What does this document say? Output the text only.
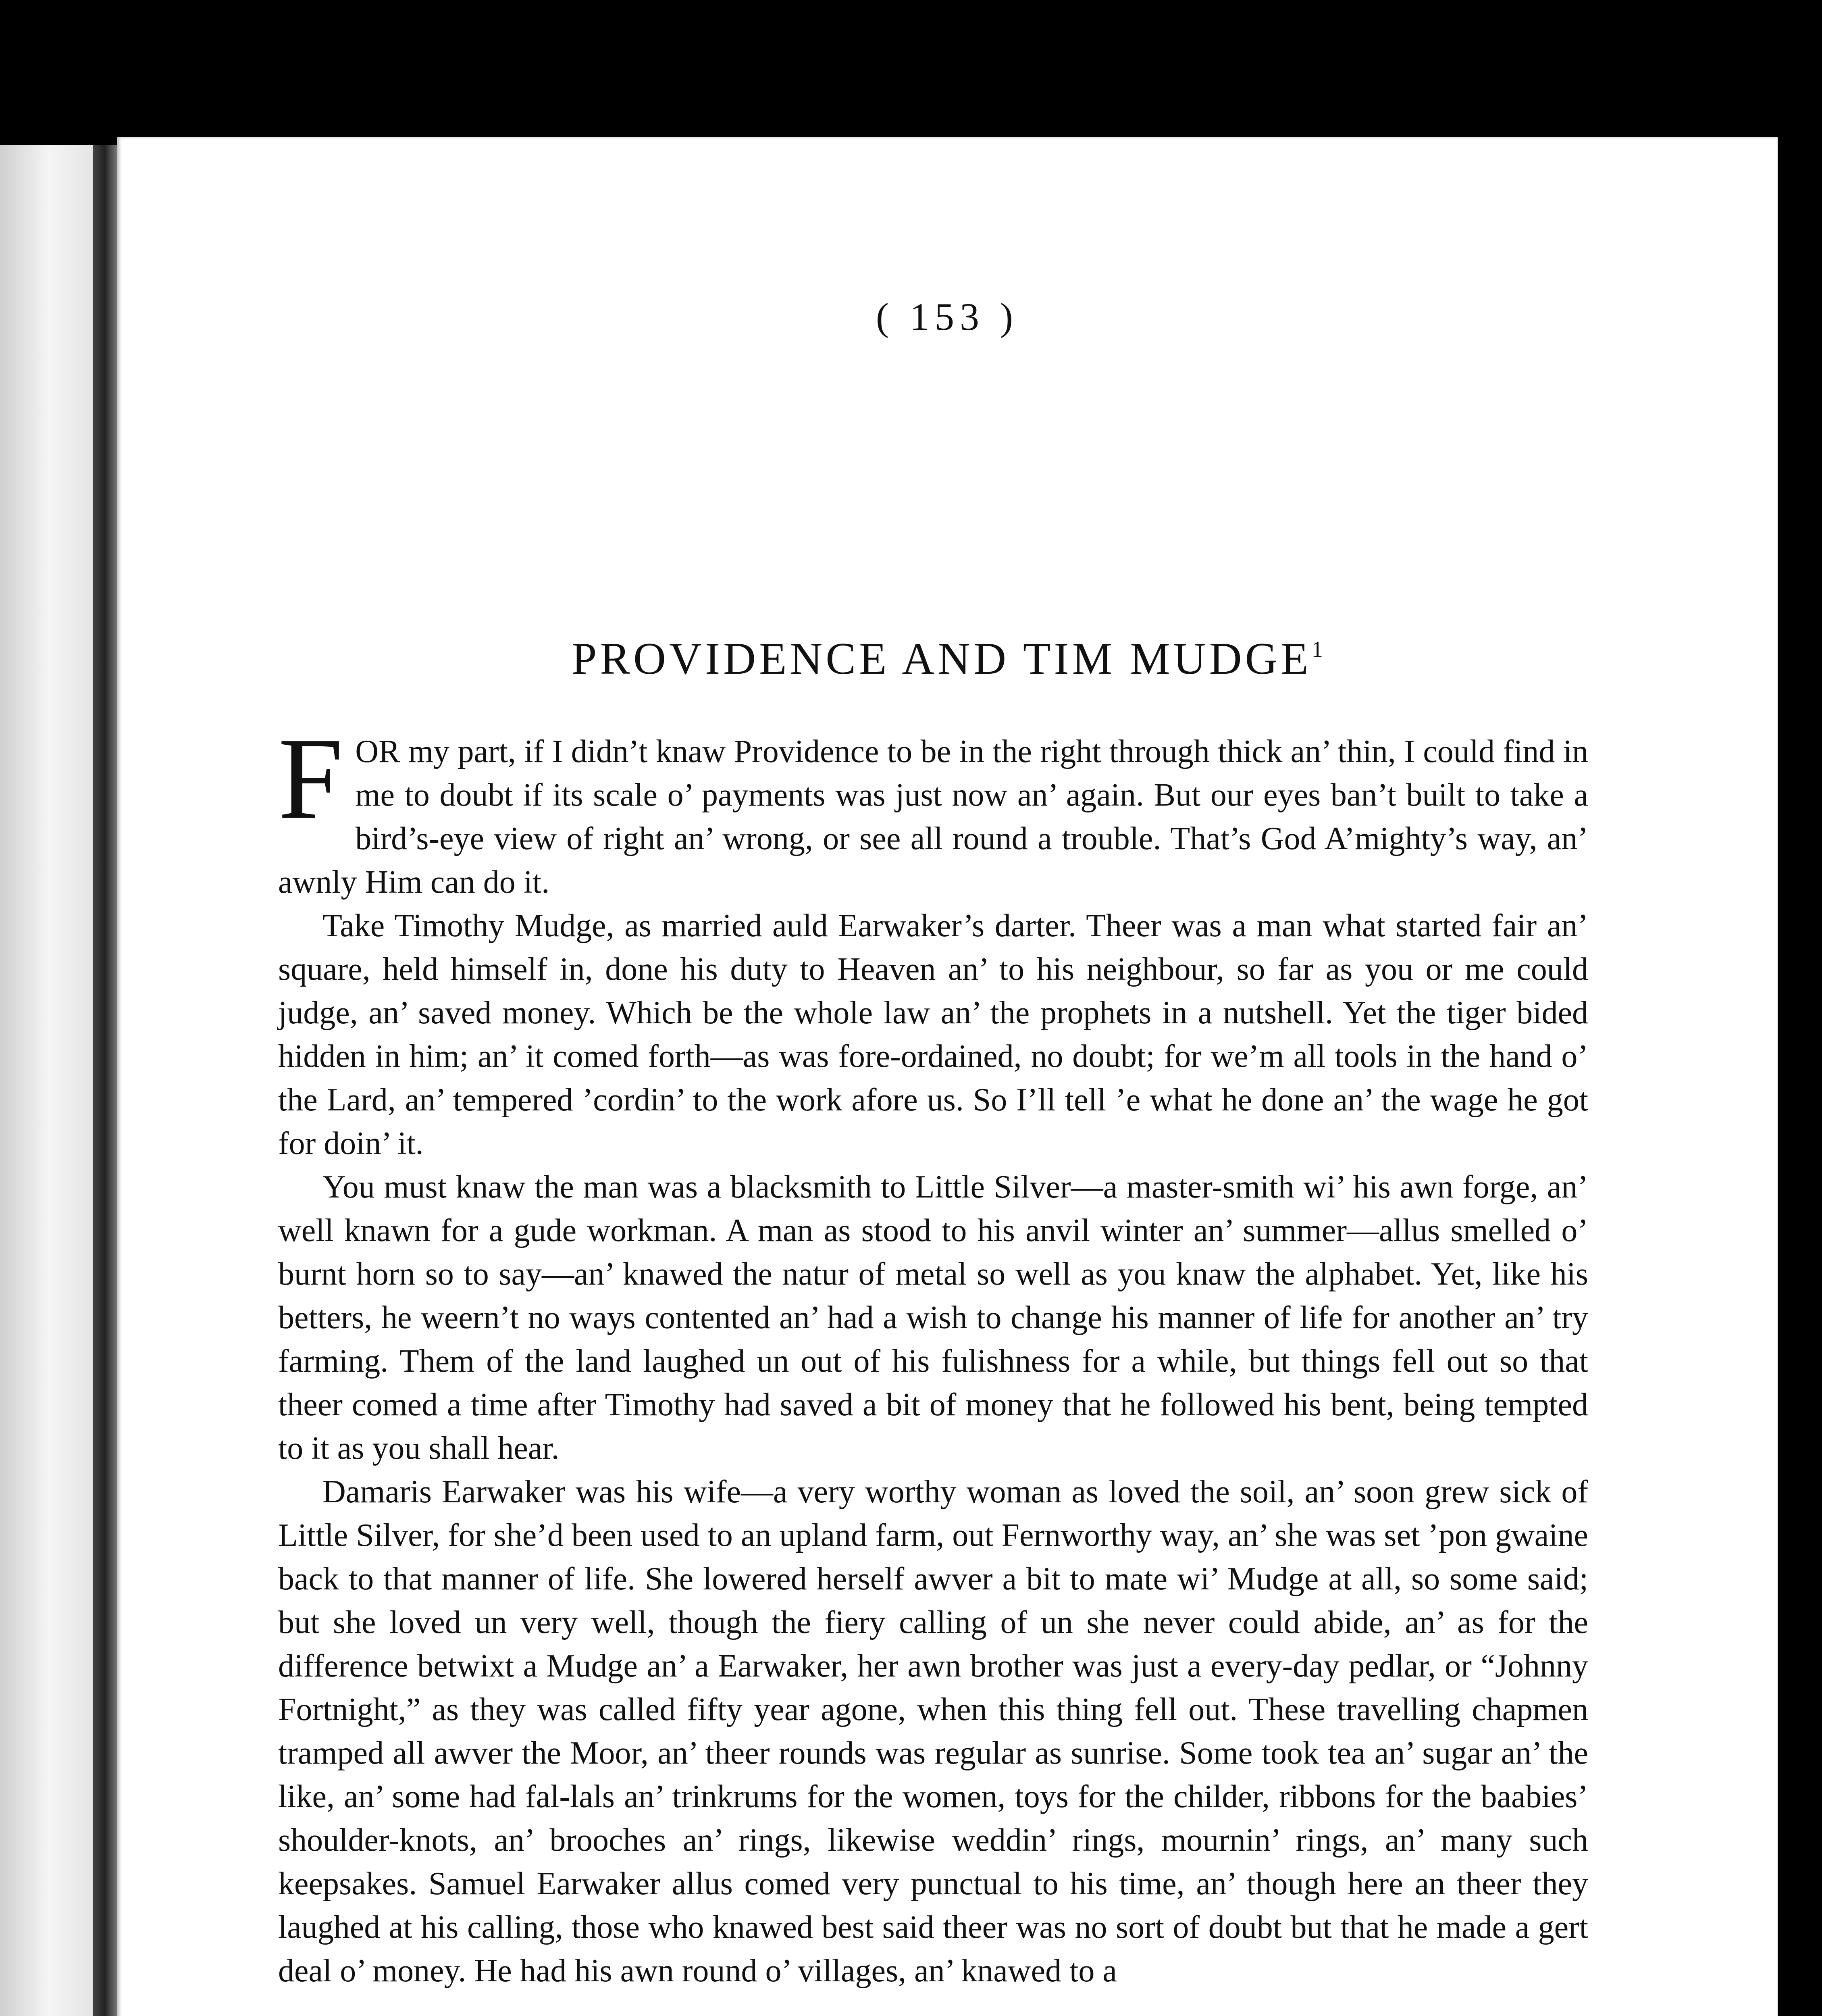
( 153 )
PROVIDENCE AND TIM MUDGE$^1$

FOR my part, if I didn’t knaw Providence to be in the right through thick an’ thin, I could find in me to doubt if its scale o’ payments was just now an’ again. But our eyes ban’t built to take a bird’s-eye view of right an’ wrong, or see all round a trouble. That’s God A’mighty’s way, an’ awnly Him can do it.

Take Timothy Mudge, as married auld Earwaker’s darter. Theer was a man what started fair an’ square, held himself in, done his duty to Heaven an’ to his neighbour, so far as you or me could judge, an’ saved money. Which be the whole law an’ the prophets in a nutshell. Yet the tiger bided hidden in him; an’ it comed forth—as was fore-ordained, no doubt; for we’m all tools in the hand o’ the Lard, an’ tempered ’cordin’ to the work afore us. So I’ll tell ’e what he done an’ the wage he got for doin’ it.

You must knaw the man was a blacksmith to Little Silver—a master-smith wi’ his awn forge, an’ well knawn for a gude workman. A man as stood to his anvil winter an’ summer—allus smelled o’ burnt horn so to say—an’ knawed the natur of metal so well as you knaw the alphabet. Yet, like his betters, he weern’t no ways contented an’ had a wish to change his manner of life for another an’ try farming. Them of the land laughed un out of his fulishness for a while, but things fell out so that theer comed a time after Timothy had saved a bit of money that he followed his bent, being tempted to it as you shall hear.

Damaris Earwaker was his wife—a very worthy woman as loved the soil, an’ soon grew sick of Little Silver, for she’d been used to an upland farm, out Fernworthy way, an’ she was set ’pon gwaine back to that manner of life. She lowered herself awver a bit to mate wi’ Mudge at all, so some said; but she loved un very well, though the fiery calling of un she never could abide, an’ as for the difference betwixt a Mudge an’ a Earwaker, her awn brother was just a every-day pedlar, or “Johnny Fortnight,” as they was called fifty year agone, when this thing fell out. These travelling chapmen tramped all awver the Moor, an’ theer rounds was regular as sunrise. Some took tea an’ sugar an’ the like, an’ some had fal-lals an’ trinkrums for the women, toys for the childer, ribbons for the baabies’ shoulder-knots, an’ brooches an’ rings, likewise weddin’ rings, mournin’ rings, an’ many such keepsakes. Samuel Earwaker allus comed very punctual to his time, an’ though here an theer they laughed at his calling, those who knawed best said theer was no sort of doubt but that he made a gert deal o’ money. He had his awn round o’ villages, an’ knawed to a
